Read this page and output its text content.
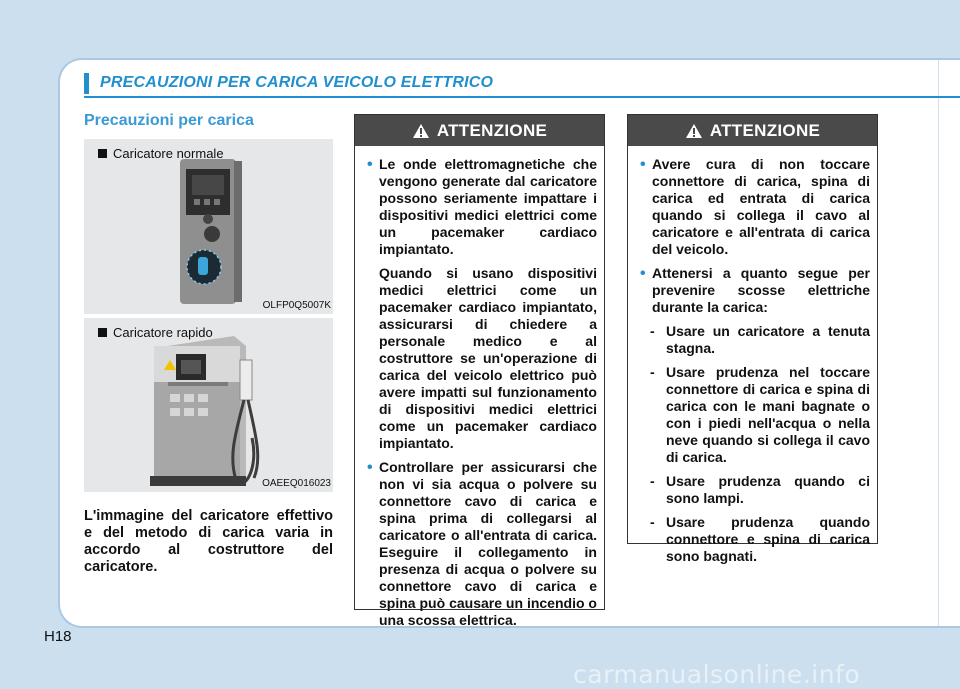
PRECAUZIONI PER CARICA VEICOLO ELETTRICO
Precauzioni per carica
Caricatore normale
OLFP0Q5007K
Caricatore rapido
OAEEQ016023
L'immagine del caricatore effettivo e del metodo di carica varia in accordo al costruttore del caricatore.
ATTENZIONE
• Le onde elettromagnetiche che vengono generate dal caricatore possono seriamente impattare i dispositivi medici elettrici come un pacemaker cardiaco impiantato.
Quando si usano dispositivi medici elettrici come un pacemaker cardiaco impiantato, assicurarsi di chiedere a personale medico e al costruttore se un'operazione di carica del veicolo elettrico può avere impatti sul funzionamento di dispositivi medici elettrici come un pacemaker cardiaco impiantato.
• Controllare per assicurarsi che non vi sia acqua o polvere su connettore cavo di carica e spina prima di collegarsi al caricatore o all'entrata di carica. Eseguire il collegamento in presenza di acqua o polvere su connettore cavo di carica e spina può causare un incendio o una scossa elettrica.
ATTENZIONE
• Avere cura di non toccare connettore di carica, spina di carica ed entrata di carica quando si collega il cavo al caricatore e all'entrata di carica del veicolo.
• Attenersi a quanto segue per prevenire scosse elettriche durante la carica:
- Usare un caricatore a tenuta stagna.
- Usare prudenza nel toccare connettore di carica e spina di carica con le mani bagnate o con i piedi nell'acqua o nella neve quando si collega il cavo di carica.
- Usare prudenza quando ci sono lampi.
- Usare prudenza quando connettore e spina di carica sono bagnati.
H18
carmanualsonline.info
